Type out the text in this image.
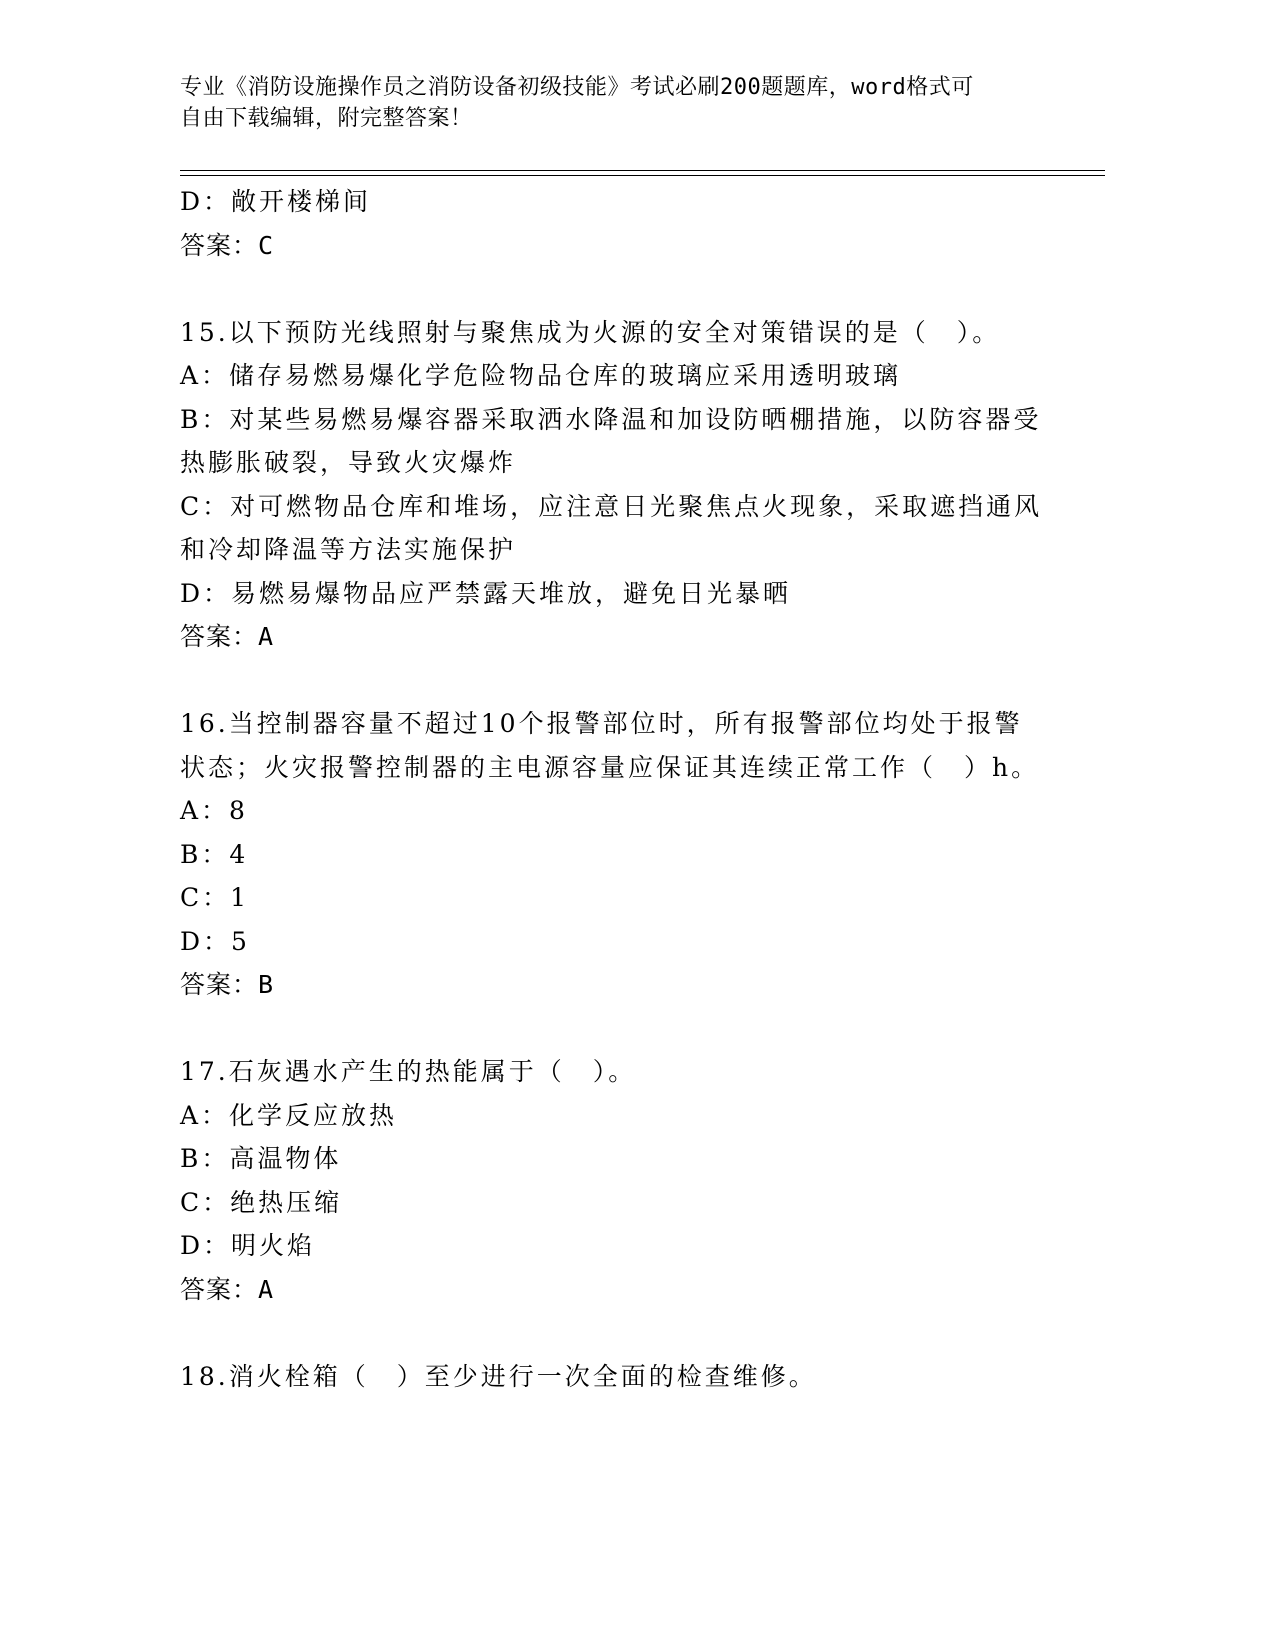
专业《消防设施操作员之消防设备初级技能》考试必刷200题题库，word格式可
自由下载编辑，附完整答案！

D：敞开楼梯间

答案：C

15.以下预防光线照射与聚焦成为火源的安全对策错误的是（　）。

A：储存易燃易爆化学危险物品仓库的玻璃应采用透明玻璃

B：对某些易燃易爆容器采取洒水降温和加设防晒棚措施，以防容器受

热膨胀破裂，导致火灾爆炸

C：对可燃物品仓库和堆场，应注意日光聚焦点火现象，采取遮挡通风

和冷却降温等方法实施保护

D：易燃易爆物品应严禁露天堆放，避免日光暴晒

答案：A

16.当控制器容量不超过10个报警部位时，所有报警部位均处于报警

状态；火灾报警控制器的主电源容量应保证其连续正常工作（　）h。

A：8

B：4

C：1

D：5

答案：B

17.石灰遇水产生的热能属于（　）。

A：化学反应放热

B：高温物体

C：绝热压缩

D：明火焰

答案：A

18.消火栓箱（　）至少进行一次全面的检查维修。
